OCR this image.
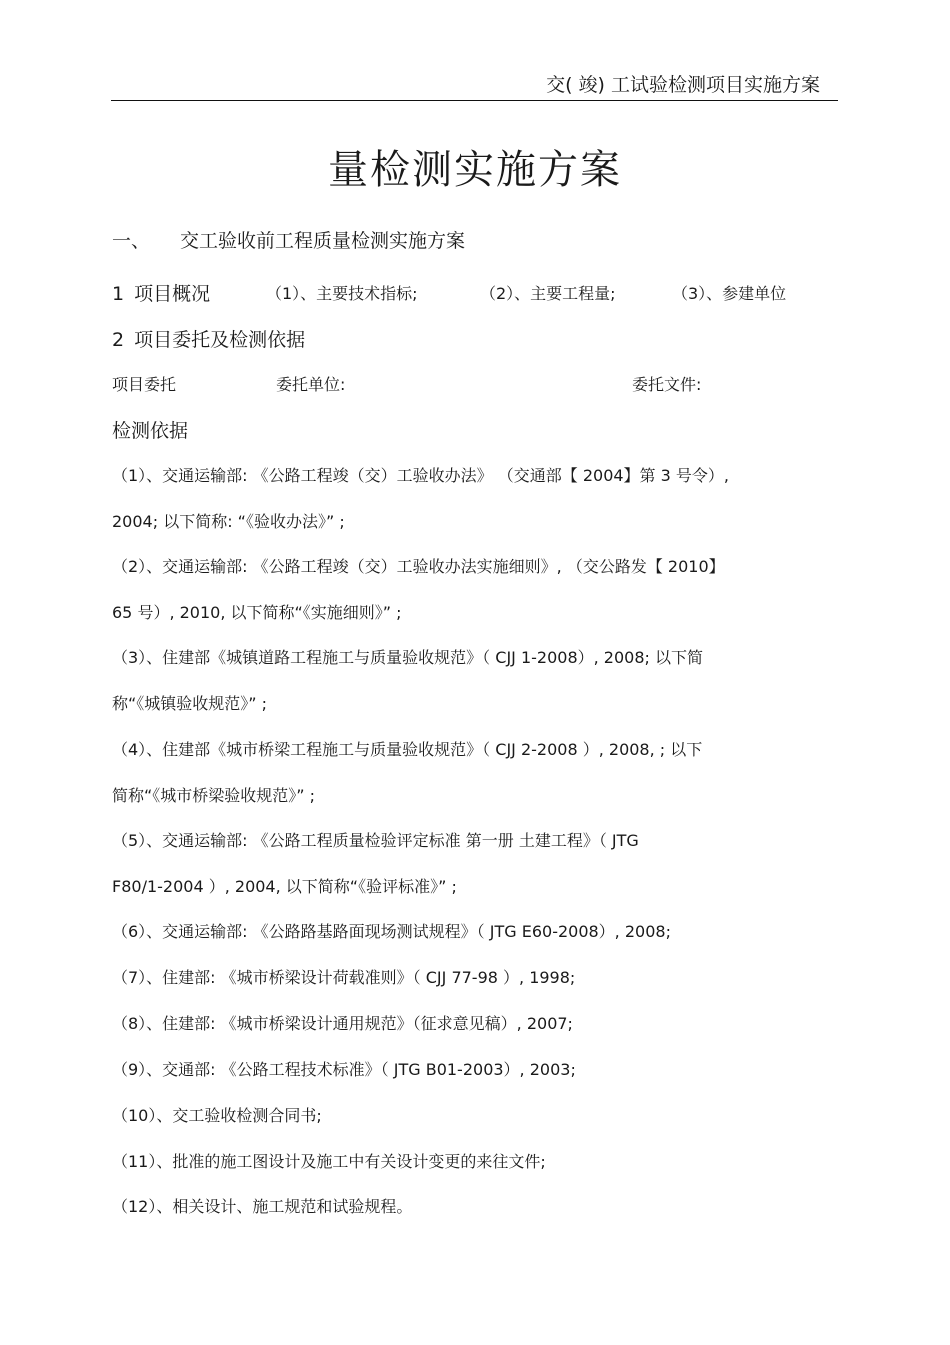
交( 竣) 工试验检测项目实施方案
量检测实施方案
一、 交工验收前工程质量检测实施方案
1 项目概况	（1）、主要技术指标;	（2）、主要工程量;	（3）、参建单位
2 项目委托及检测依据
项目委托	委托单位:	委托文件:
检测依据
（1）、交通运输部: 《公路工程竣（交）工验收办法》 （交通部【 2004】第 3 号令）,
2004; 以下简称: “《验收办法》” ;
（2）、交通运输部: 《公路工程竣（交）工验收办法实施细则》, （交公路发【 2010】
65 号）, 2010, 以下简称“《实施细则》” ;
（3）、住建部《城镇道路工程施工与质量验收规范》（ CJJ 1-2008）, 2008; 以下简
称“《城镇验收规范》” ;
（4）、住建部《城市桥梁工程施工与质量验收规范》（ CJJ 2-2008 ）, 2008, ; 以下
简称“《城市桥梁验收规范》” ;
（5）、交通运输部: 《公路工程质量检验评定标准 第一册 土建工程》（ JTG
F80/1-2004 ）, 2004, 以下简称“《验评标准》” ;
（6）、交通运输部: 《公路路基路面现场测试规程》（ JTG E60-2008）, 2008;
（7）、住建部: 《城市桥梁设计荷载准则》（ CJJ 77-98 ）, 1998;
（8）、住建部: 《城市桥梁设计通用规范》（征求意见稿）, 2007;
（9）、交通部: 《公路工程技术标准》（ JTG B01-2003）, 2003;
（10）、交工验收检测合同书;
（11）、批准的施工图设计及施工中有关设计变更的来往文件;
（12）、相关设计、施工规范和试验规程。
